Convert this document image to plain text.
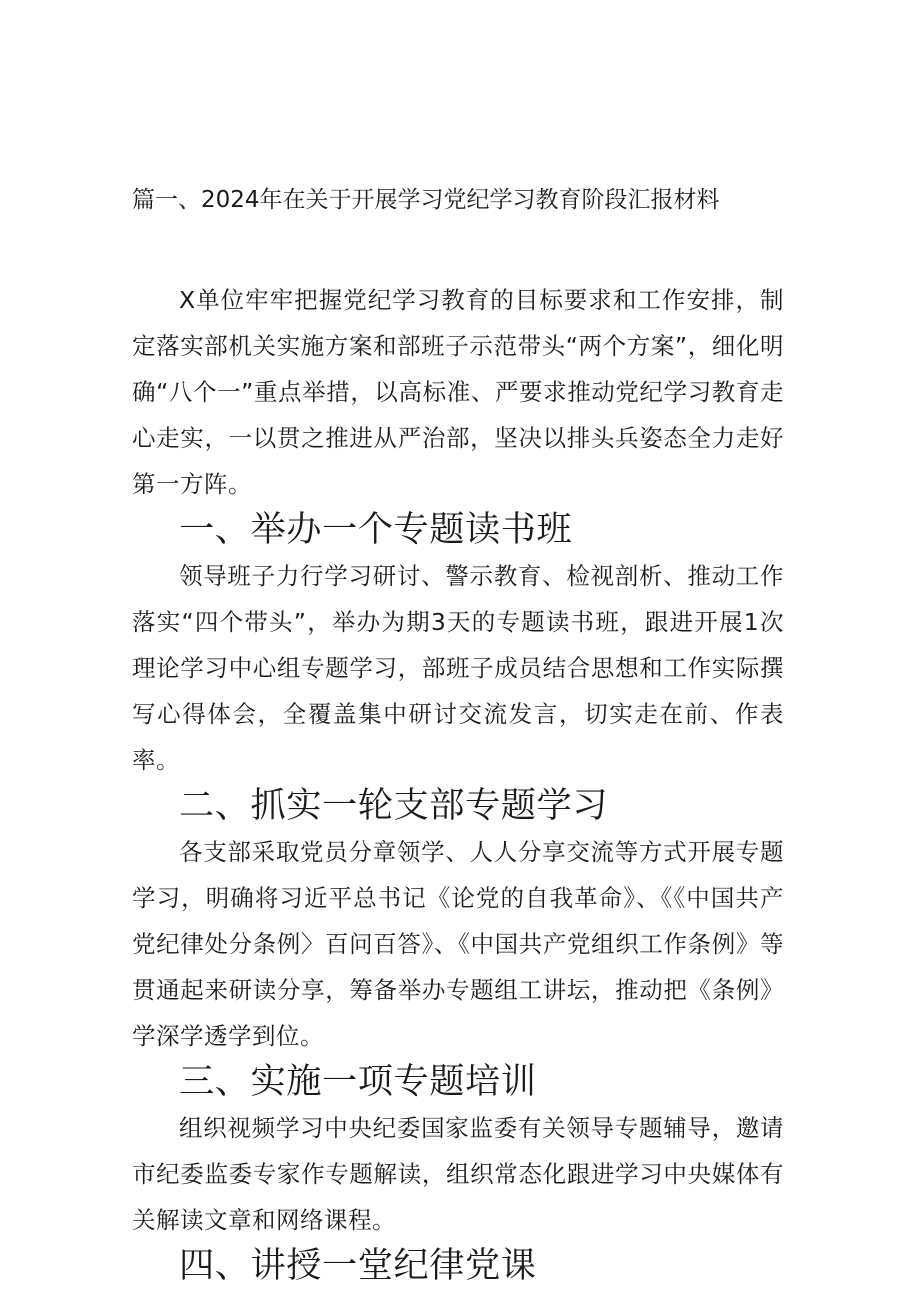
篇一、2024年在关于开展学习党纪学习教育阶段汇报材料

X单位牢牢把握党纪学习教育的目标要求和工作安排，制定落实部机关实施方案和部班子示范带头“两个方案”，细化明确“八个一”重点举措，以高标准、严要求推动党纪学习教育走心走实，一以贯之推进从严治部，坚决以排头兵姿态全力走好第一方阵。

一、举办一个专题读书班

领导班子力行学习研讨、警示教育、检视剖析、推动工作落实“四个带头”，举办为期3天的专题读书班，跟进开展1次理论学习中心组专题学习，部班子成员结合思想和工作实际撰写心得体会，全覆盖集中研讨交流发言，切实走在前、作表率。

二、抓实一轮支部专题学习

各支部采取党员分章领学、人人分享交流等方式开展专题学习，明确将习近平总书记《论党的自我革命》、《《中国共产党纪律处分条例〉百问百答》、《中国共产党组织工作条例》等贯通起来研读分享，筹备举办专题组工讲坛，推动把《条例》学深学透学到位。

三、实施一项专题培训

组织视频学习中央纪委国家监委有关领导专题辅导，邀请市纪委监委专家作专题解读，组织常态化跟进学习中央媒体有关解读文章和网络课程。

四、讲授一堂纪律党课
